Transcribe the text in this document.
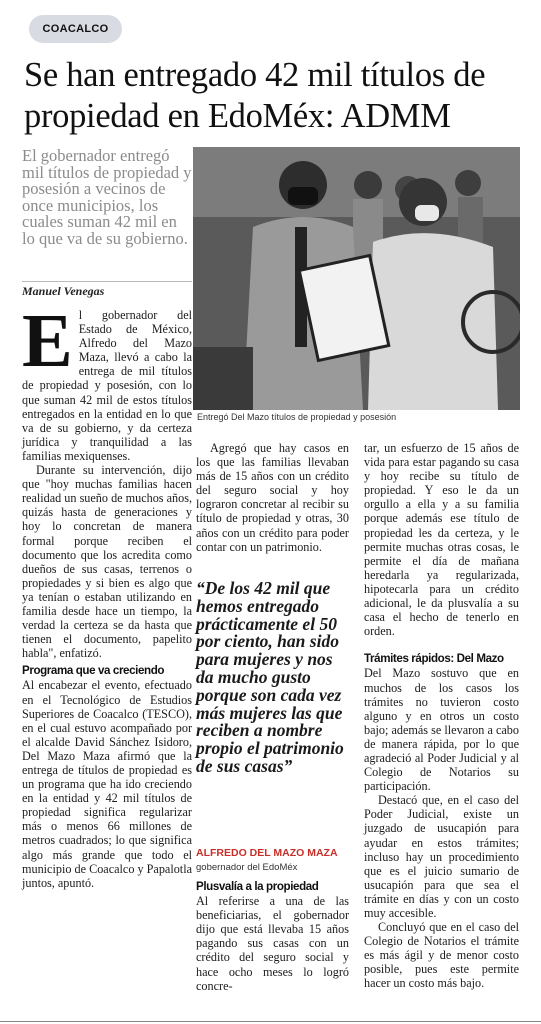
COACALCO
Se han entregado 42 mil títulos de propiedad en EdoMéx: ADMM

El gobernador entregó mil títulos de propiedad y posesión a vecinos de once municipios, los cuales suman 42 mil en lo que va de su gobierno.

Manuel Venegas
Entregó Del Mazo títulos de propiedad y posesión
E l gobernador del Estado de México, Alfredo del Mazo Maza, llevó a cabo la entrega de mil títulos de propiedad y posesión, con lo que suman 42 mil de estos títulos entregados en la entidad en lo que va de su gobierno, y da certeza jurídica y tranquilidad a las familias mexiquenses.

Durante su intervención, dijo que "hoy muchas familias hacen realidad un sueño de muchos años, quizás hasta de generaciones y hoy lo concretan de manera formal porque reciben el documento que los acredita como dueños de sus casas, terrenos o propiedades y si bien es algo que ya tenían o estaban utilizando en familia desde hace un tiempo, la verdad la certeza se da hasta que tienen el documento, papelito habla", enfatizó.

Programa que va creciendo

Al encabezar el evento, efectuado en el Tecnológico de Estudios Superiores de Coacalco (TESCO), en el cual estuvo acompañado por el alcalde David Sánchez Isidoro, Del Mazo Maza afirmó que la entrega de títulos de propiedad es un programa que ha ido creciendo en la entidad y 42 mil títulos de propiedad significa regularizar más o menos 66 millones de metros cuadrados; lo que significa algo más grande que todo el municipio de Coacalco y Papalotla juntos, apuntó.

Agregó que hay casos en los que las familias llevaban más de 15 años con un crédito del seguro social y hoy lograron concretar al recibir su título de propiedad y otras, 30 años con un crédito para poder contar con un patrimonio.

“De los 42 mil que hemos entregado prácticamente el 50 por ciento, han sido para mujeres y nos da mucho gusto porque son cada vez más mujeres las que reciben a nombre propio el patrimonio de sus casas”
ALFREDO DEL MAZO MAZA
gobernador del EdoMéx
Plusvalía a la propiedad

Al referirse a una de las beneficiarias, el gobernador dijo que está llevaba 15 años pagando sus casas con un crédito del seguro social y hace ocho meses lo logró concre-

tar, un esfuerzo de 15 años de vida para estar pagando su casa y hoy recibe su título de propiedad. Y eso le da un orgullo a ella y a su familia porque además ese título de propiedad les da certeza, y le permite muchas otras cosas, le permite el día de mañana heredarla ya regularizada, hipotecarla para un crédito adicional, le da plusvalía a su casa el hecho de tenerlo en orden.

Trámites rápidos: Del Mazo

Del Mazo sostuvo que en muchos de los casos los trámites no tuvieron costo alguno y en otros un costo bajo; además se llevaron a cabo de manera rápida, por lo que agradeció al Poder Judicial y al Colegio de Notarios su participación.

Destacó que, en el caso del Poder Judicial, existe un juzgado de usucapión para ayudar en estos trámites; incluso hay un procedimiento que es el juicio sumario de usucapión para que sea el trámite en días y con un costo muy accesible.

Concluyó que en el caso del Colegio de Notarios el trámite es más ágil y de menor costo posible, pues este permite hacer un costo más bajo.
